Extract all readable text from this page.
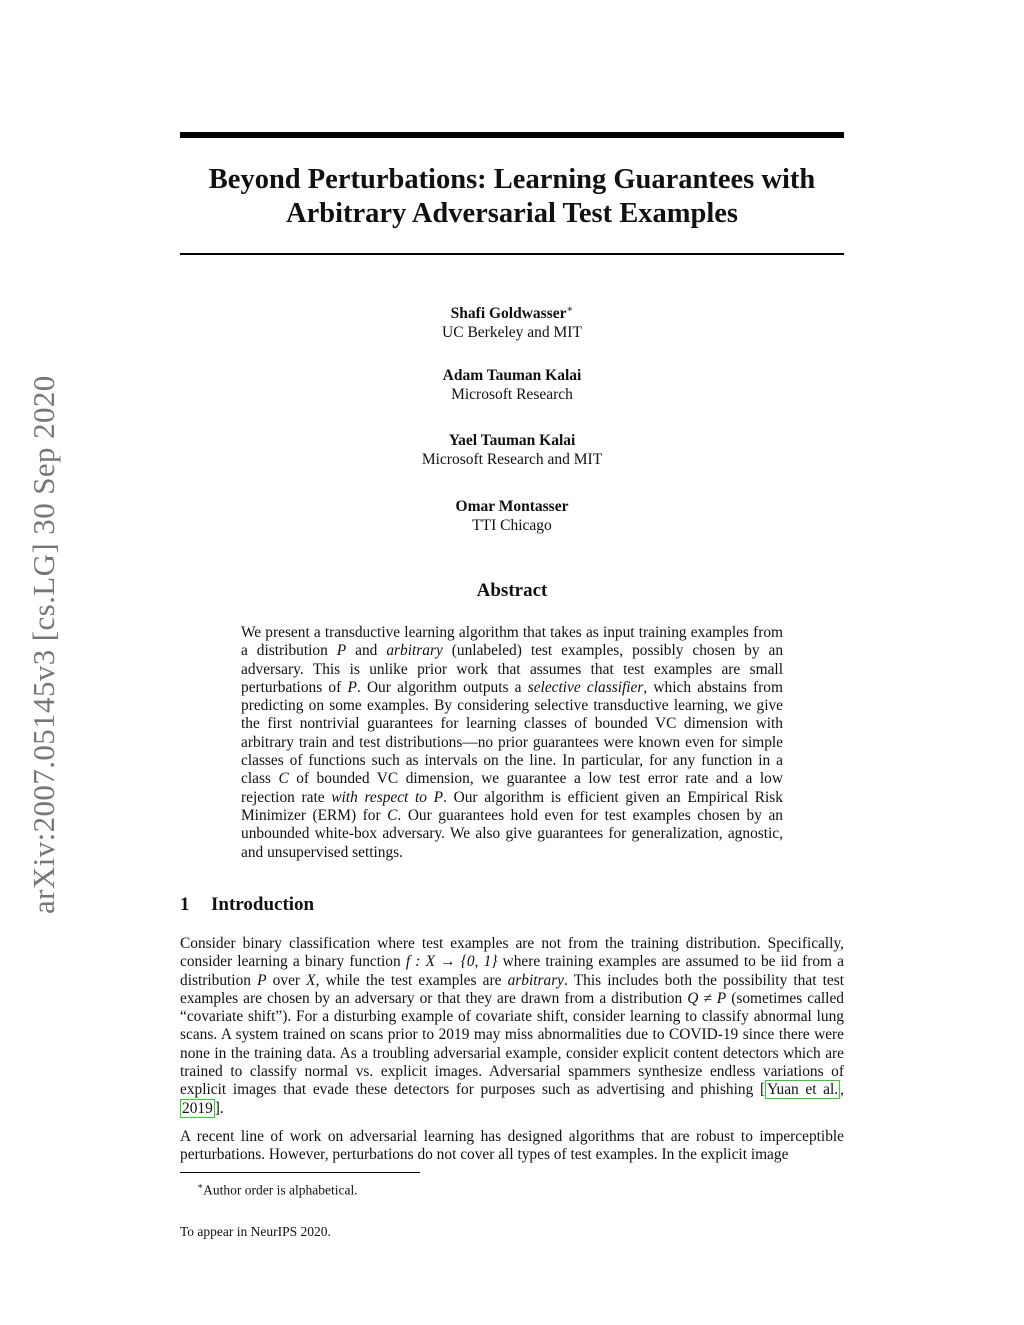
arXiv:2007.05145v3 [cs.LG] 30 Sep 2020
Beyond Perturbations: Learning Guarantees with
Arbitrary Adversarial Test Examples
Shafi Goldwasser∗
UC Berkeley and MIT
Adam Tauman Kalai
Microsoft Research
Yael Tauman Kalai
Microsoft Research and MIT
Omar Montasser
TTI Chicago
Abstract
We present a transductive learning algorithm that takes as input training examples from a distribution P and arbitrary (unlabeled) test examples, possibly chosen by an adversary. This is unlike prior work that assumes that test examples are small perturbations of P. Our algorithm outputs a selective classifier, which abstains from predicting on some examples. By considering selective transductive learning, we give the first nontrivial guarantees for learning classes of bounded VC dimension with arbitrary train and test distributions—no prior guarantees were known even for simple classes of functions such as intervals on the line. In particular, for any function in a class C of bounded VC dimension, we guarantee a low test error rate and a low rejection rate with respect to P. Our algorithm is efficient given an Empirical Risk Minimizer (ERM) for C. Our guarantees hold even for test examples chosen by an unbounded white-box adversary. We also give guarantees for generalization, agnostic, and unsupervised settings.
1 Introduction
Consider binary classification where test examples are not from the training distribution. Specifically, consider learning a binary function f : X → {0, 1} where training examples are assumed to be iid from a distribution P over X, while the test examples are arbitrary. This includes both the possibility that test examples are chosen by an adversary or that they are drawn from a distribution Q ≠ P (sometimes called “covariate shift”). For a disturbing example of covariate shift, consider learning to classify abnormal lung scans. A system trained on scans prior to 2019 may miss abnormalities due to COVID-19 since there were none in the training data. As a troubling adversarial example, consider explicit content detectors which are trained to classify normal vs. explicit images. Adversarial spammers synthesize endless variations of explicit images that evade these detectors for purposes such as advertising and phishing [ Yuan et al. , 2019 ].
A recent line of work on adversarial learning has designed algorithms that are robust to imperceptible perturbations. However, perturbations do not cover all types of test examples. In the explicit image
∗Author order is alphabetical.
To appear in NeurIPS 2020.
